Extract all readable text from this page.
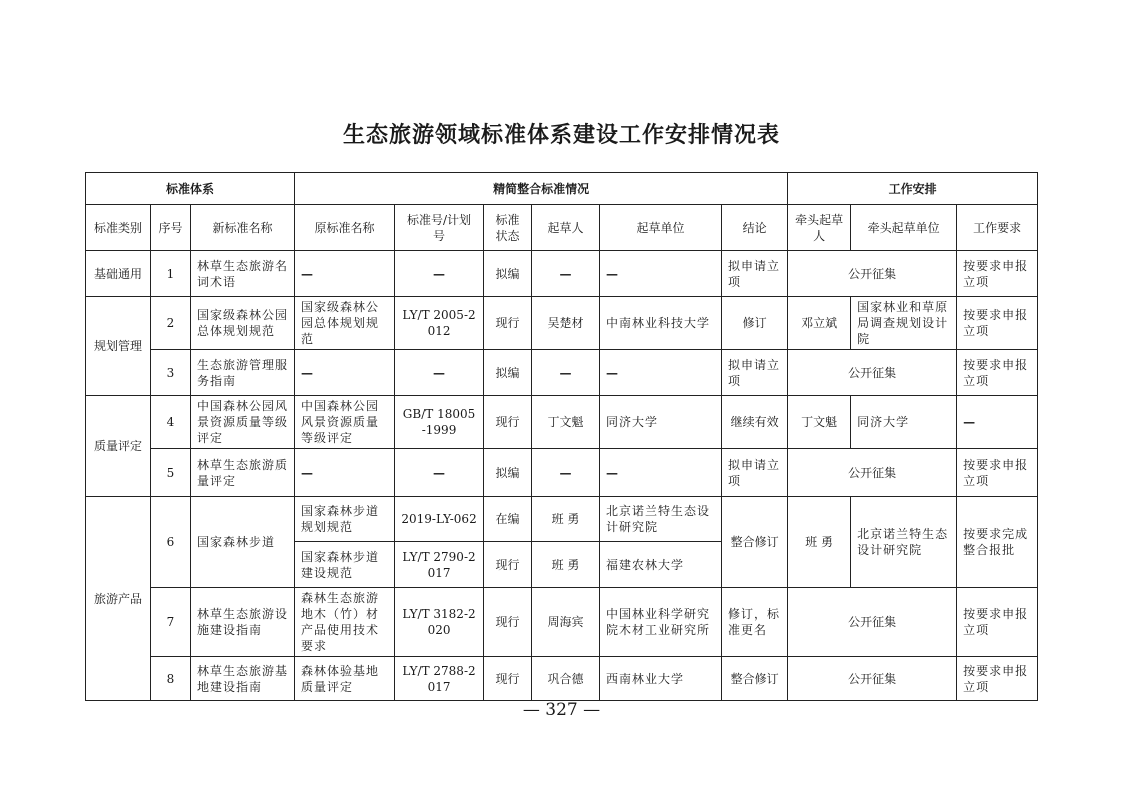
生态旅游领域标准体系建设工作安排情况表
标准体系			精简整合标准情况						工作安排		
标准类别	序号	新标准名称	原标准名称	标准号/计划号	标准状态	起草人	起草单位	结论	牵头起草人	牵头起草单位	工作要求
基础通用	1	林草生态旅游名词术语	—	—	拟编	—	—	拟申请立项	公开征集		按要求申报立项
规划管理	2	国家级森林公园总体规划规范	国家级森林公园总体规划规范	LY/T 2005-2012	现行	吴楚材	中南林业科技大学	修订	邓立斌	国家林业和草原局调查规划设计院	按要求申报立项
	3	生态旅游管理服务指南	—	—	拟编	—	—	拟申请立项	公开征集		按要求申报立项
质量评定	4	中国森林公园风景资源质量等级评定	中国森林公园风景资源质量等级评定	GB/T 18005-1999	现行	丁文魁	同济大学	继续有效	丁文魁	同济大学	—
	5	林草生态旅游质量评定	—	—	拟编	—	—	拟申请立项	公开征集		按要求申报立项
旅游产品	6	国家森林步道	国家森林步道规划规范	2019-LY-062	在编	班 勇	北京诺兰特生态设计研究院	整合修订	班 勇	北京诺兰特生态设计研究院	按要求完成整合报批
			国家森林步道建设规范	LY/T 2790-2017	现行	班 勇	福建农林大学				
	7	林草生态旅游设施建设指南	森林生态旅游地木（竹）材产品使用技术要求	LY/T 3182-2020	现行	周海宾	中国林业科学研究院木材工业研究所	修订，标准更名	公开征集		按要求申报立项
	8	林草生态旅游基地建设指南	森林体验基地质量评定	LY/T 2788-2017	现行	巩合德	西南林业大学	整合修订	公开征集		按要求申报立项
— 327 —
